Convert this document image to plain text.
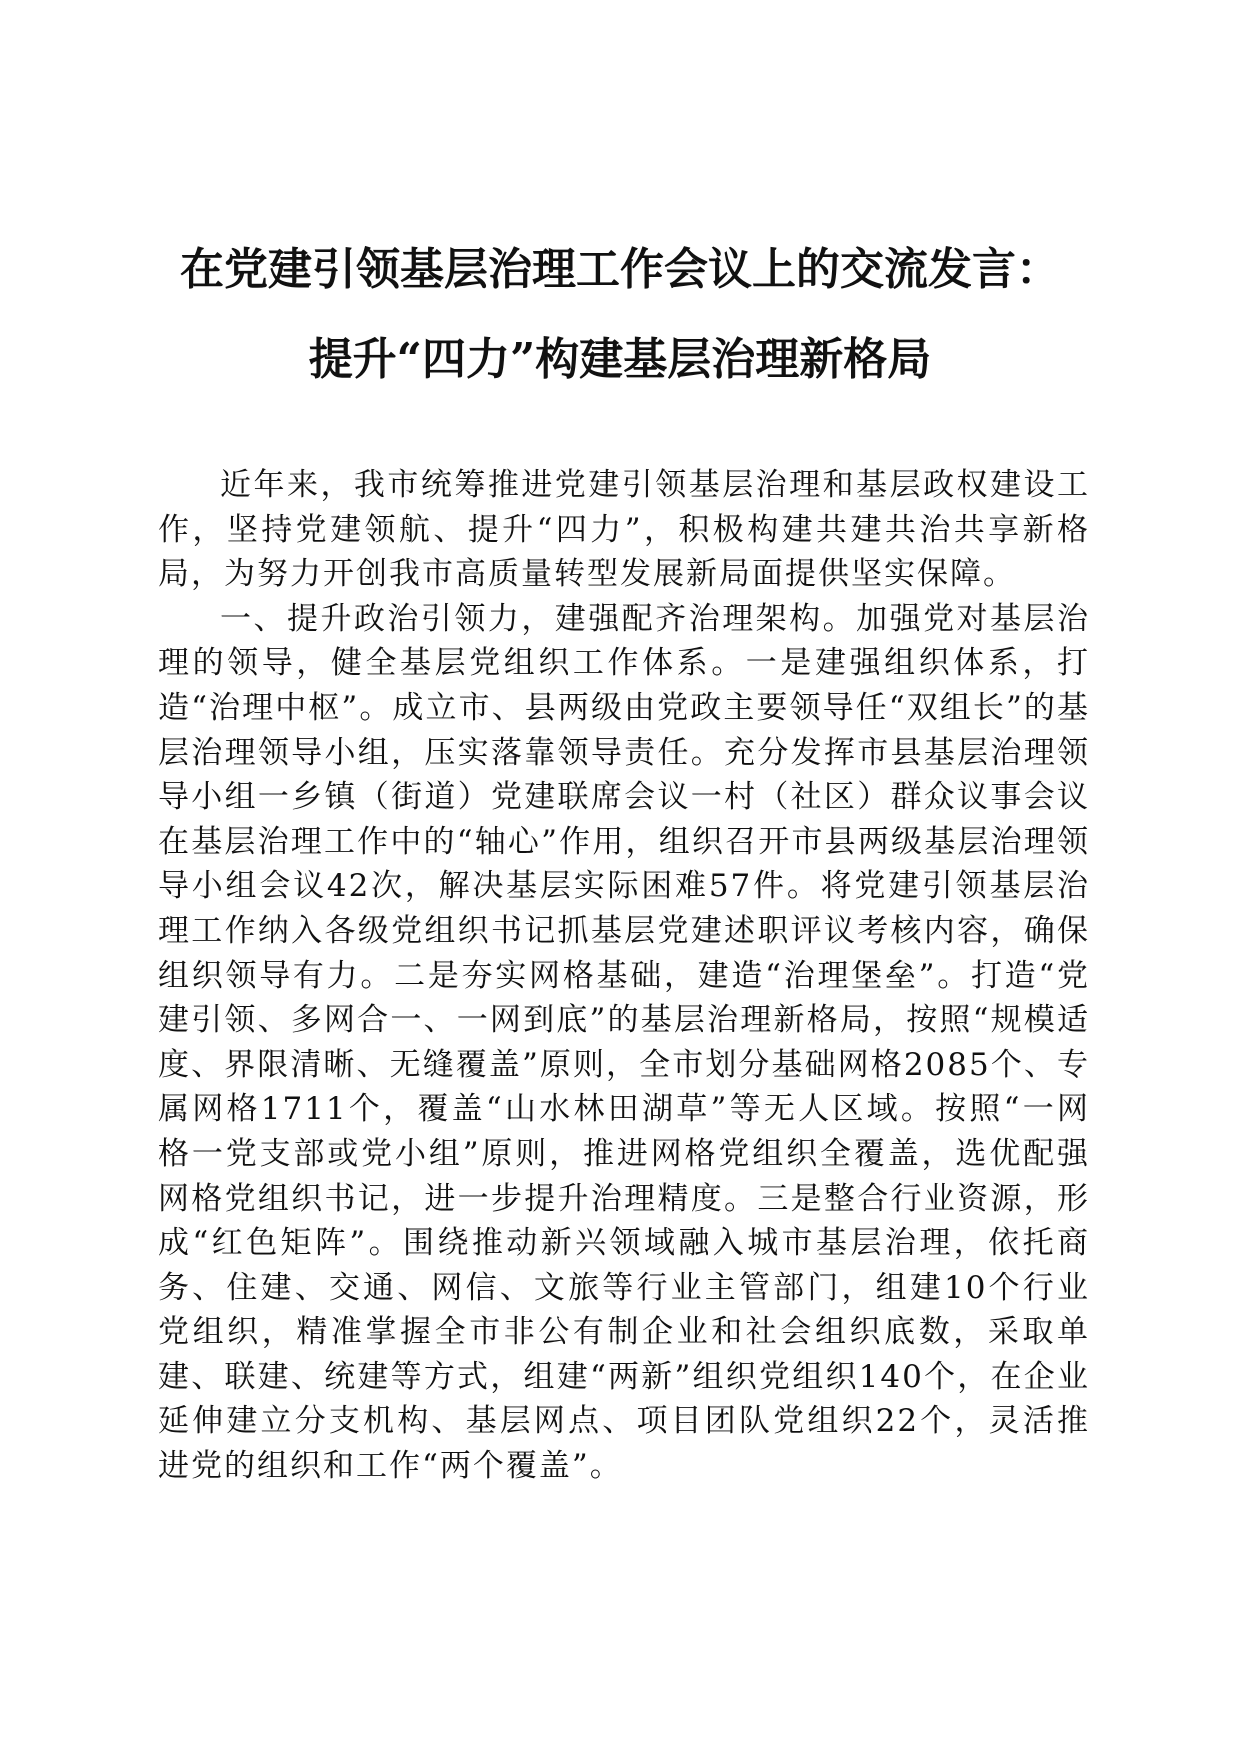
在党建引领基层治理工作会议上的交流发言：
提升“四力”构建基层治理新格局

近年来，我市统筹推进党建引领基层治理和基层政权建设工作，坚持党建领航、提升“四力”，积极构建共建共治共享新格局，为努力开创我市高质量转型发展新局面提供坚实保障。

一、提升政治引领力，建强配齐治理架构。加强党对基层治理的领导，健全基层党组织工作体系。一是建强组织体系，打造“治理中枢”。成立市、县两级由党政主要领导任“双组长”的基层治理领导小组，压实落靠领导责任。充分发挥市县基层治理领导小组一乡镇（街道）党建联席会议一村（社区）群众议事会议在基层治理工作中的“轴心”作用，组织召开市县两级基层治理领导小组会议42次，解决基层实际困难57件。将党建引领基层治理工作纳入各级党组织书记抓基层党建述职评议考核内容，确保组织领导有力。二是夯实网格基础，建造“治理堡垒”。打造“党建引领、多网合一、一网到底”的基层治理新格局，按照“规模适度、界限清晰、无缝覆盖”原则，全市划分基础网格2085个、专属网格1711个，覆盖“山水林田湖草”等无人区域。按照“一网格一党支部或党小组”原则，推进网格党组织全覆盖，选优配强网格党组织书记，进一步提升治理精度。三是整合行业资源，形成“红色矩阵”。围绕推动新兴领域融入城市基层治理，依托商务、住建、交通、网信、文旅等行业主管部门，组建10个行业党组织，精准掌握全市非公有制企业和社会组织底数，采取单建、联建、统建等方式，组建“两新”组织党组织140个，在企业延伸建立分支机构、基层网点、项目团队党组织22个，灵活推进党的组织和工作“两个覆盖”。
